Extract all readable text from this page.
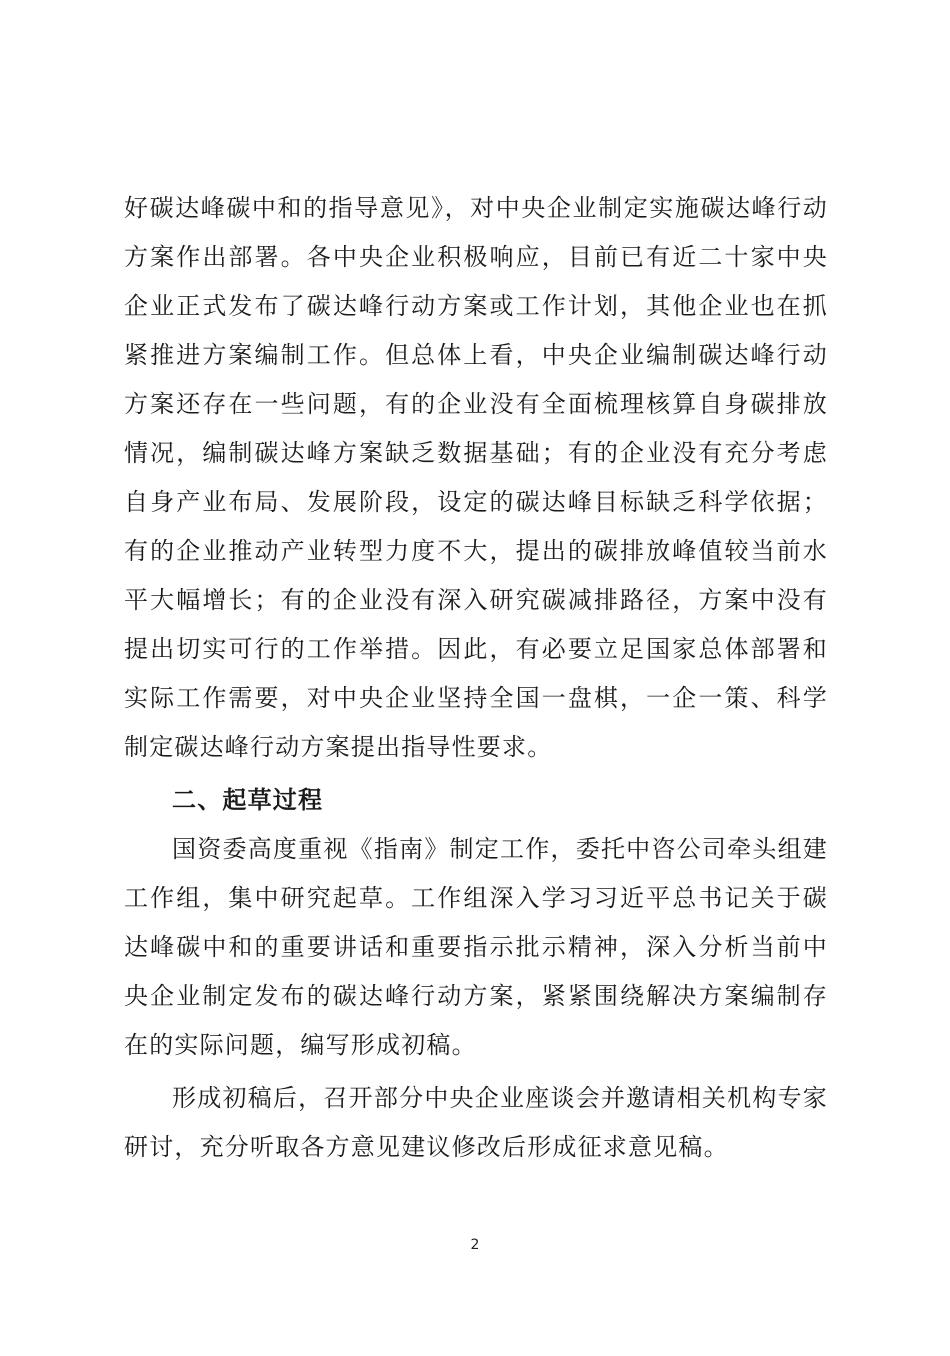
好碳达峰碳中和的指导意见》，对中央企业制定实施碳达峰行动方案作出部署。各中央企业积极响应，目前已有近二十家中央企业正式发布了碳达峰行动方案或工作计划，其他企业也在抓紧推进方案编制工作。但总体上看，中央企业编制碳达峰行动方案还存在一些问题，有的企业没有全面梳理核算自身碳排放情况，编制碳达峰方案缺乏数据基础；有的企业没有充分考虑自身产业布局、发展阶段，设定的碳达峰目标缺乏科学依据；有的企业推动产业转型力度不大，提出的碳排放峰值较当前水平大幅增长；有的企业没有深入研究碳减排路径，方案中没有提出切实可行的工作举措。因此，有必要立足国家总体部署和实际工作需要，对中央企业坚持全国一盘棋，一企一策、科学制定碳达峰行动方案提出指导性要求。

二、起草过程

国资委高度重视《指南》制定工作，委托中咨公司牵头组建工作组，集中研究起草。工作组深入学习习近平总书记关于碳达峰碳中和的重要讲话和重要指示批示精神，深入分析当前中央企业制定发布的碳达峰行动方案，紧紧围绕解决方案编制存在的实际问题，编写形成初稿。

形成初稿后，召开部分中央企业座谈会并邀请相关机构专家研讨，充分听取各方意见建议修改后形成征求意见稿。

2
